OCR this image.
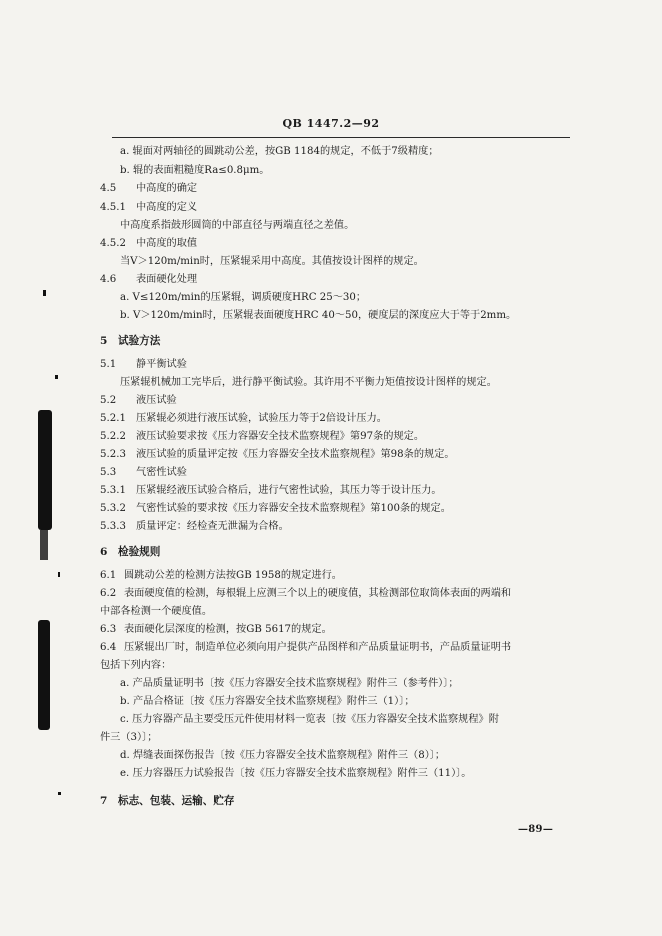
QB 1447.2—92
a. 辊面对两轴径的圆跳动公差，按GB 1184的规定，不低于7级精度；
b. 辊的表面粗糙度Ra≤0.8μm。
4.5 中高度的确定
4.5.1 中高度的定义
中高度系指鼓形圆筒的中部直径与两端直径之差值。
4.5.2 中高度的取值
当V＞120m/min时，压紧辊采用中高度。其值按设计图样的规定。
4.6 表面硬化处理
a. V≤120m/min的压紧辊，调质硬度HRC 25～30；
b. V＞120m/min时，压紧辊表面硬度HRC 40～50，硬度层的深度应大于等于2mm。
5 试验方法
5.1 静平衡试验
压紧辊机械加工完毕后，进行静平衡试验。其许用不平衡力矩值按设计图样的规定。
5.2 液压试验
5.2.1 压紧辊必须进行液压试验，试验压力等于2倍设计压力。
5.2.2 液压试验要求按《压力容器安全技术监察规程》第97条的规定。
5.2.3 液压试验的质量评定按《压力容器安全技术监察规程》第98条的规定。
5.3 气密性试验
5.3.1 压紧辊经液压试验合格后，进行气密性试验，其压力等于设计压力。
5.3.2 气密性试验的要求按《压力容器安全技术监察规程》第100条的规定。
5.3.3 质量评定：经检查无泄漏为合格。
6 检验规则
6.1 圆跳动公差的检测方法按GB 1958的规定进行。
6.2 表面硬度值的检测，每根辊上应测三个以上的硬度值，其检测部位取筒体表面的两端和
中部各检测一个硬度值。
6.3 表面硬化层深度的检测，按GB 5617的规定。
6.4 压紧辊出厂时，制造单位必须向用户提供产品图样和产品质量证明书，产品质量证明书
包括下列内容：
a. 产品质量证明书〔按《压力容器安全技术监察规程》附件三（参考件）〕；
b. 产品合格证〔按《压力容器安全技术监察规程》附件三（1）〕；
c. 压力容器产品主要受压元件使用材料一览表〔按《压力容器安全技术监察规程》附
件三（3）〕；
d. 焊缝表面探伤报告〔按《压力容器安全技术监察规程》附件三（8）〕；
e. 压力容器压力试验报告〔按《压力容器安全技术监察规程》附件三（11）〕。
7 标志、包装、运输、贮存
—89—
